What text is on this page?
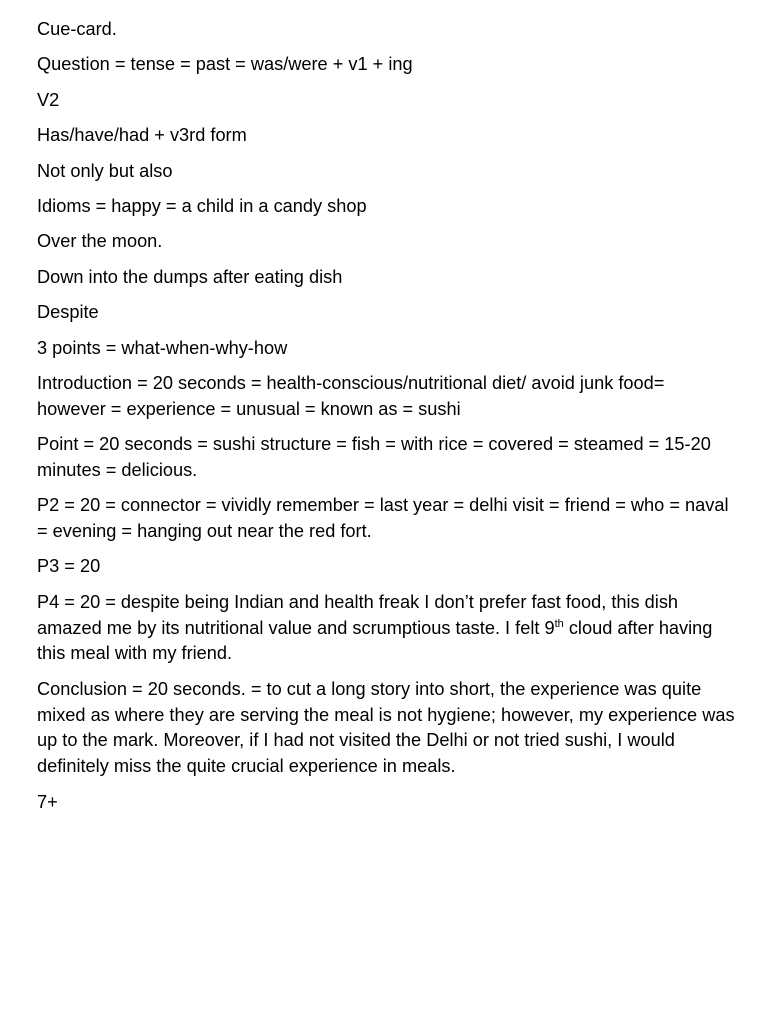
Cue-card.

Question = tense = past = was/were + v1 + ing

V2

Has/have/had + v3rd form

Not only but also

Idioms = happy = a child in a candy shop

Over the moon.

Down into the dumps after eating dish

Despite

3 points = what-when-why-how

Introduction = 20 seconds = health-conscious/nutritional diet/ avoid junk food= however = experience = unusual = known as = sushi

Point = 20 seconds = sushi structure = fish = with rice = covered = steamed = 15-20 minutes = delicious.

P2 = 20 = connector = vividly remember = last year = delhi visit = friend = who = naval = evening = hanging out near the red fort.

P3 = 20

P4 = 20 = despite being Indian and health freak I don’t prefer fast food, this dish amazed me by its nutritional value and scrumptious taste. I felt 9th cloud after having this meal with my friend.

Conclusion = 20 seconds. = to cut a long story into short, the experience was quite mixed as where they are serving the meal is not hygiene; however, my experience was up to the mark. Moreover, if I had not visited the Delhi or not tried sushi, I would definitely miss the quite crucial experience in meals.

7+
